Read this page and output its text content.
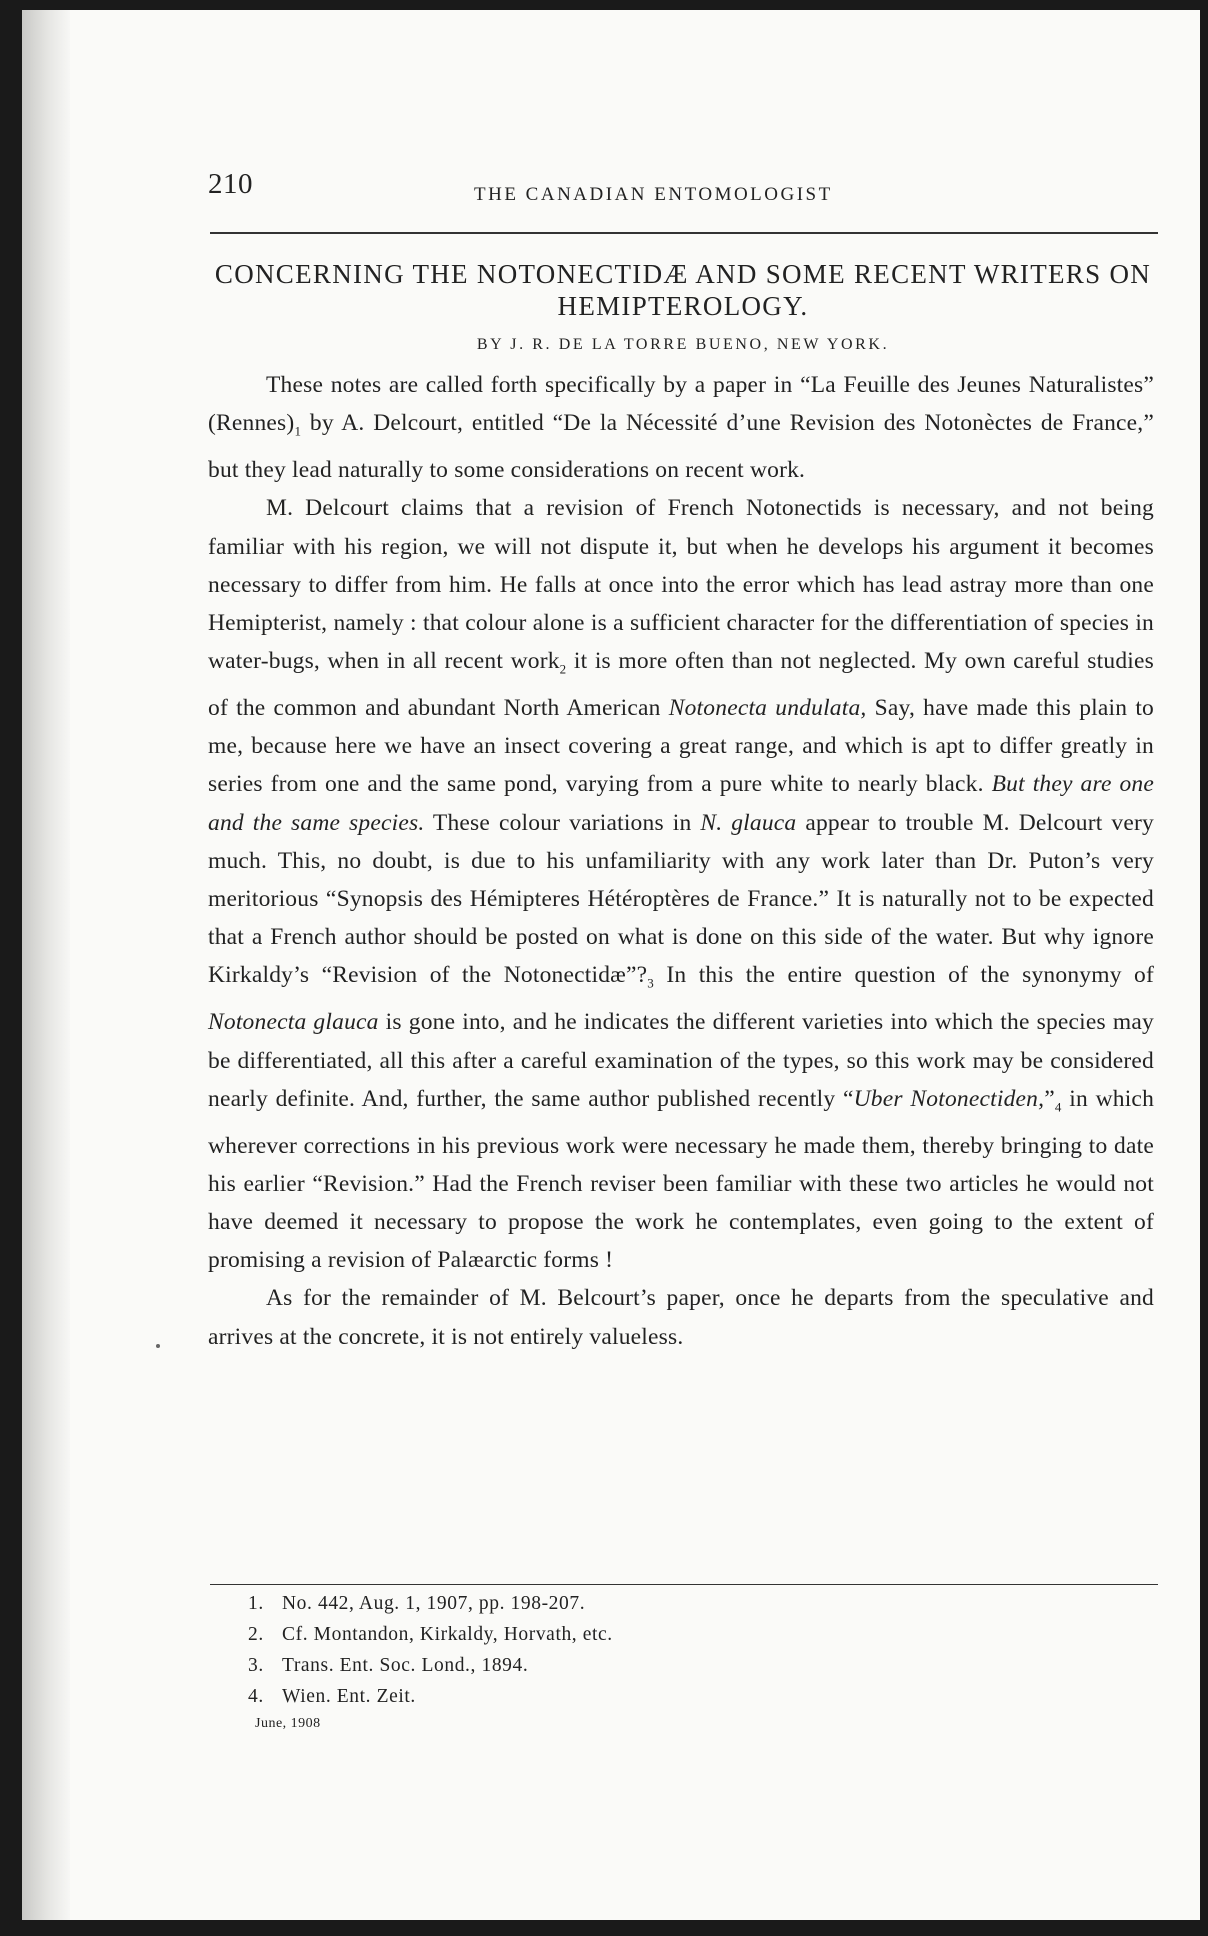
210	THE CANADIAN ENTOMOLOGIST
CONCERNING THE NOTONECTIDÆ AND SOME RECENT WRITERS ON HEMIPTEROLOGY.
BY J. R. DE LA TORRE BUENO, NEW YORK.

These notes are called forth specifically by a paper in “La Feuille des Jeunes Naturalistes” $(Rennes)_1$ by A. Delcourt, entitled “De la Nécessité d’une Revision des Notonèctes de France,” but they lead naturally to some considerations on recent work.

M. Delcourt claims that a revision of French Notonectids is necessary, and not being familiar with his region, we will not dispute it, but when he develops his argument it becomes necessary to differ from him. He falls at once into the error which has lead astray more than one Hemipterist, namely : that colour alone is a sufficient character for the differentiation of species in water-bugs, when in all recent work$_2$ it is more often than not neglected. My own careful studies of the common and abundant North American Notonecta undulata, Say, have made this plain to me, because here we have an insect covering a great range, and which is apt to differ greatly in series from one and the same pond, varying from a pure white to nearly black. But they are one and the same species. These colour variations in N. glauca appear to trouble M. Delcourt very much. This, no doubt, is due to his unfamiliarity with any work later than Dr. Puton’s very meritorious “Synopsis des Hémipteres Hétéroptères de France.” It is naturally not to be expected that a French author should be posted on what is done on this side of the water. But why ignore Kirkaldy’s “Revision of the $Notonectidæ”?_3$ In this the entire question of the synonymy of Notonecta glauca is gone into, and he indicates the different varieties into which the species may be differentiated, all this after a careful examination of the types, so this work may be considered nearly definite. And, further, the same author published recently “Uber $Notonectiden,”_4$ in which wherever corrections in his previous work were necessary he made them, thereby bringing to date his earlier “Revision.” Had the French reviser been familiar with these two articles he would not have deemed it necessary to propose the work he contemplates, even going to the extent of promising a revision of Palæarctic forms !

As for the remainder of M. Belcourt’s paper, once he departs from the speculative and arrives at the concrete, it is not entirely valueless.

1. No. 442, Aug. 1, 1907, pp. 198-207.
2. Cf. Montandon, Kirkaldy, Horvath, etc.
3. Trans. Ent. Soc. Lond., 1894.
4. Wien. Ent. Zeit.
June, 1908
